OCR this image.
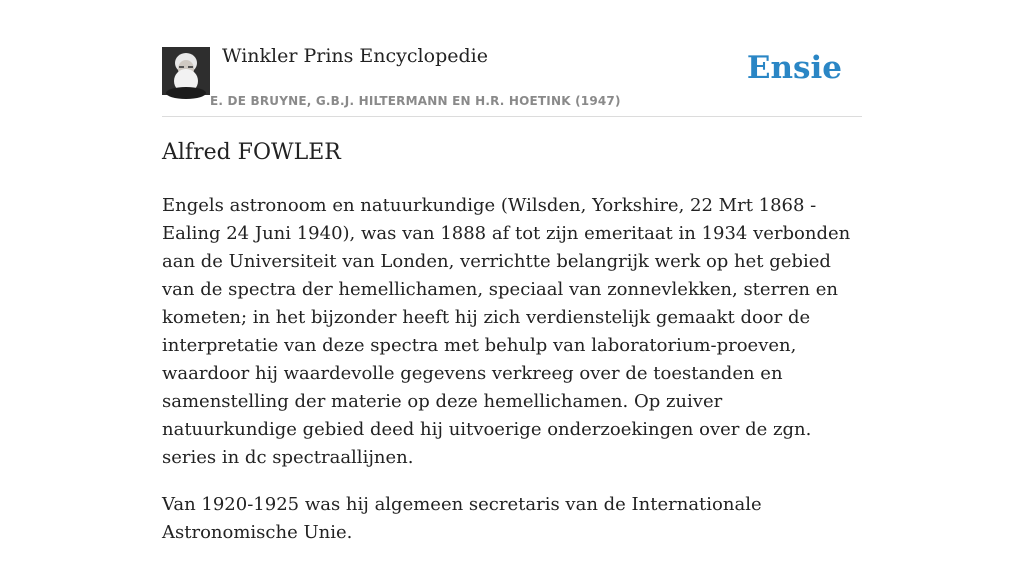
Winkler Prins Encyclopedie
E. DE BRUYNE, G.B.J. HILTERMANN EN H.R. HOETINK (1947)
Ensie
Alfred FOWLER

Engels astronoom en natuurkundige (Wilsden, Yorkshire, 22 Mrt 1868 - Ealing 24 Juni 1940), was van 1888 af tot zijn emeritaat in 1934 verbonden aan de Universiteit van Londen, verrichtte belangrijk werk op het gebied van de spectra der hemellichamen, speciaal van zonnevlekken, sterren en kometen; in het bijzonder heeft hij zich verdienstelijk gemaakt door de interpretatie van deze spectra met behulp van laboratorium-proeven, waardoor hij waardevolle gegevens verkreeg over de toestanden en samenstelling der materie op deze hemellichamen. Op zuiver natuurkundige gebied deed hij uitvoerige onderzoekingen over de zgn. series in dc spectraallijnen.

Van 1920-1925 was hij algemeen secretaris van de Internationale Astronomische Unie.
